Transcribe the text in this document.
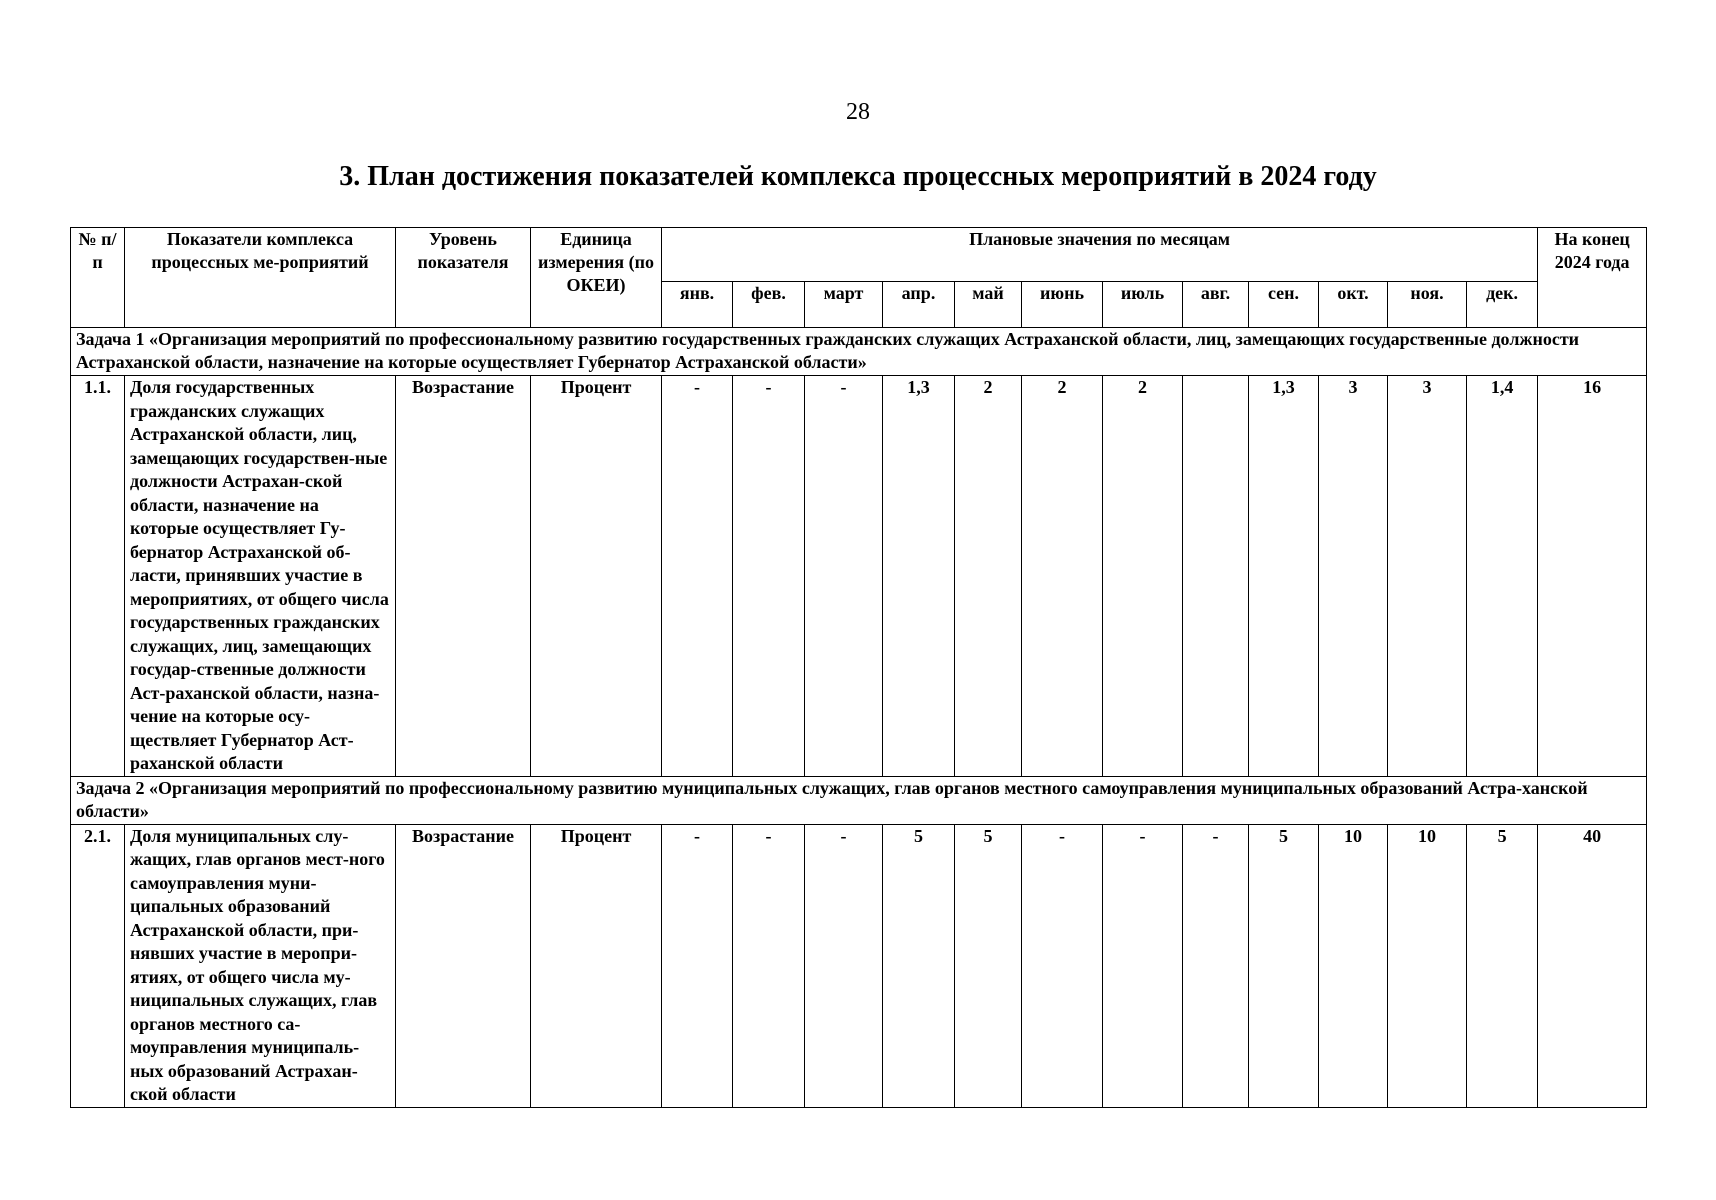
28
3. План достижения показателей комплекса процессных мероприятий в 2024 году
№ п/п	Показатели комплекса процессных ме-роприятий	Уровень показателя	Единица измерения (по ОКЕИ)	Плановые значения по месяцам												На конец 2024 года
				янв.	фев.	март	апр.	май	июнь	июль	авг.	сен.	окт.	ноя.	дек.	
Задача 1 «Организация мероприятий по профессиональному развитию государственных гражданских служащих Астраханской области, лиц, замещающих государственные должности Астраханской области, назначение на которые осуществляет Губернатор Астраханской области»																
1.1.	Доля государственных гражданских служащих Астраханской области, лиц, замещающих государствен-ные должности Астрахан-ской области, назначение на которые осуществляет Гу-бернатор Астраханской об-ласти, принявших участие в мероприятиях, от общего числа государственных гражданских служащих, лиц, замещающих государ-ственные должности Аст-раханской области, назна-чение на которые осу-ществляет Губернатор Аст-раханской области	Возрастание	Процент	-	-	-	1,3	2	2	2		1,3	3	3	1,4	16
Задача 2 «Организация мероприятий по профессиональному развитию муниципальных служащих, глав органов местного самоуправления муниципальных образований Астра-ханской области»																
2.1.	Доля муниципальных слу-жащих, глав органов мест-ного самоуправления муни-ципальных образований Астраханской области, при-нявших участие в меропри-ятиях, от общего числа му-ниципальных служащих, глав органов местного са-моуправления муниципаль-ных образований Астрахан-ской области	Возрастание	Процент	-	-	-	5	5	-	-	-	5	10	10	5	40
